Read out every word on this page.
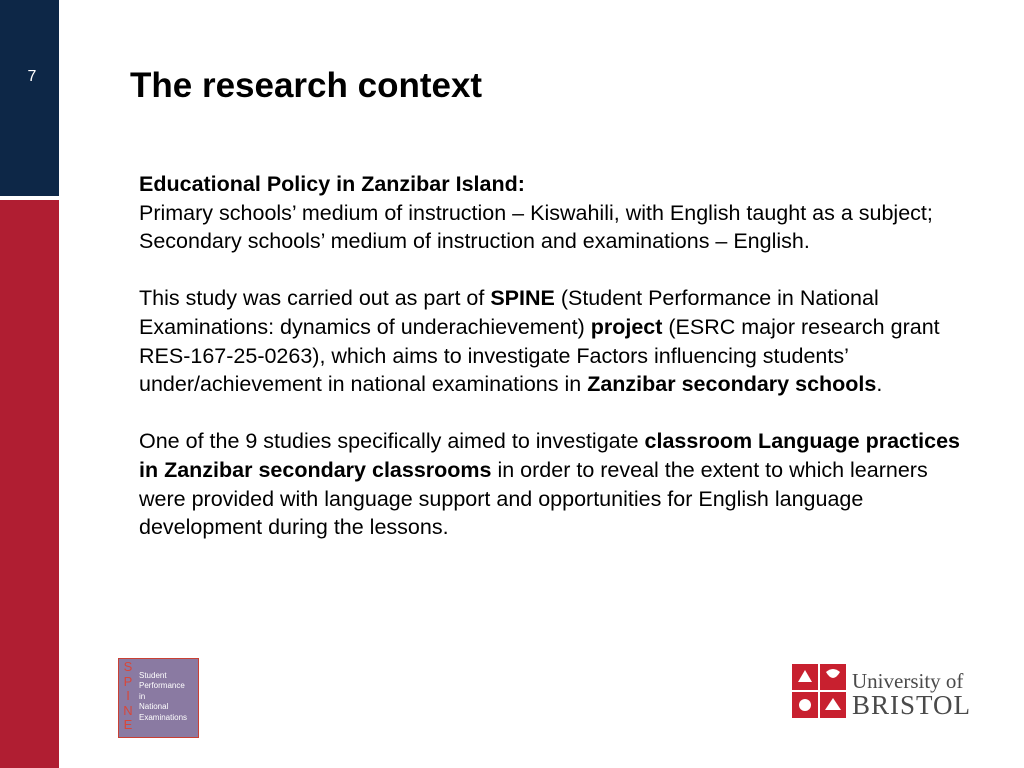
7	The research context

Educational Policy in Zanzibar Island:
Primary schools’ medium of instruction – Kiswahili, with English taught as a subject; Secondary schools’ medium of instruction and examinations – English.

This study was carried out as part of SPINE (Student Performance in National Examinations: dynamics of underachievement) project (ESRC major research grant RES-167-25-0263), which aims to investigate Factors influencing students’ under/achievement in national examinations in Zanzibar secondary schools.

One of the 9 studies specifically aimed to investigate classroom Language practices in Zanzibar secondary classrooms in order to reveal the extent to which learners were provided with language support and opportunities for English language development during the lessons.

S
P
I
N
E
Student
Performance
in
National
Examinations
University of
BRISTOL
